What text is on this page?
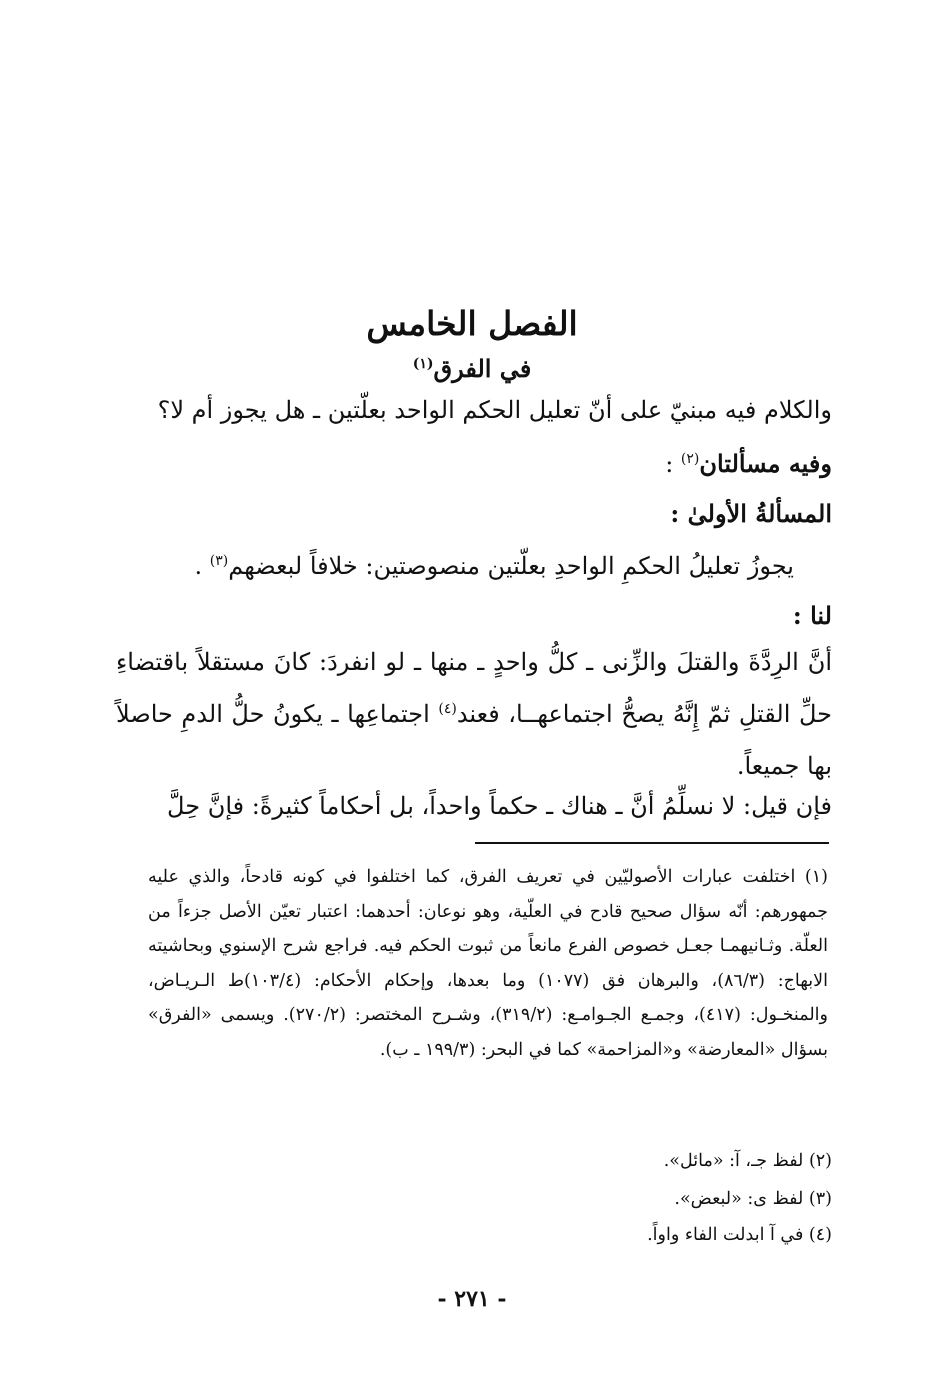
الفصل الخامس
في الفرق$^{(١)}$
والكلام فيه مبنيّ على أنّ تعليل الحكم الواحد بعلّتين ـ هل يجوز أم لا؟
وفيه مسألتان$^{(٢)}$ :
المسألةُ الأولىٰ :
يجوزُ تعليلُ الحكمِ الواحدِ بعلّتين منصوصتين: خلافاً لبعضهم$^{(٣)}$ .
لنا :
أنَّ الرِدَّةَ والقتلَ والزِّنى ـ كلُّ واحدٍ ـ منها ـ لو انفردَ: كانَ مستقلاً باقتضاءِ حلِّ القتلِ ثمّ إِنَّهُ يصحُّ اجتماعهــا، فعند$^{(٤)}$ اجتماعِها ـ يكونُ حلُّ الدمِ حاصلاً بها جميعاً.
فإن قيل: لا نسلِّمُ أنَّ ـ هناك ـ حكماً واحداً، بل أحكاماً كثيرةً: فإنَّ حِلَّ
(١) اختلفت عبارات الأصوليّين في تعريف الفرق، كما اختلفوا في كونه قادحاً، والذي عليه جمهورهم: أنّه سؤال صحيح قادح في العلّية، وهو نوعان: أحدهما: اعتبار تعيّن الأصل جزءاً من العلّة. وثـانيهمـا جعـل خصوص الفرع مانعاً من ثبوت الحكم فيه. فراجع شرح الإسنوي وبحاشيته الابهاج: (٨٦/٣)، والبرهان فق (١٠٧٧) وما بعدها، وإحكام الأحكام: (١٠٣/٤)ط الـريـاض، والمنخـول: (٤١٧)، وجمـع الجـوامـع: (٣١٩/٢)، وشـرح المختصر: (٢٧٠/٢). ويسمى «الفرق» بسؤال «المعارضة» و«المزاحمة» كما في البحر: (١٩٩/٣ ـ ب).
(٢) لفظ جـ، آ: «مائل».
(٣) لفظ ى: «لبعض».
(٤) في آ ابدلت الفاء واواً.
- ٢٧١ -
